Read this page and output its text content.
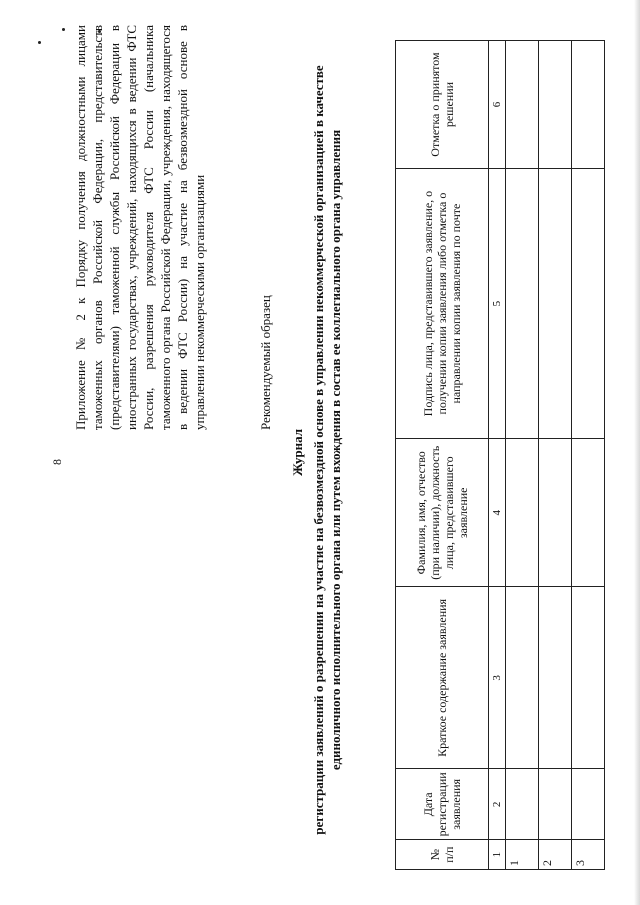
8
Приложение № 2 к Порядку получения должностными лицами таможенных органов Российской Федерации, представительств (представителями) таможенной службы Российской Федерации в иностранных государствах, учреждений, находящихся в ведении ФТС России, разрешения руководителя ФТС России (начальника таможенного органа Российской Федерации, учреждения, находящегося в ведении ФТС России) на участие на безвозмездной основе в управлении некоммерческими организациями	Рекомендуемый образец
Журнал регистрации заявлений о разрешении на участие на безвозмездной основе в управлении некоммерческой организацией в качестве единоличного исполнительного органа или путем вхождения в состав ее коллегиального органа управления
№ п/п	Дата регистрации заявления	Краткое содержание заявления	Фамилия, имя, отчество (при наличии), должность лица, представившего заявление	Подпись лица, представившего заявление, о получении копии заявления либо отметка о направлении копии заявления по почте	Отметка о принятом решении
1	2	3	4	5	6
1					
2					
3					
